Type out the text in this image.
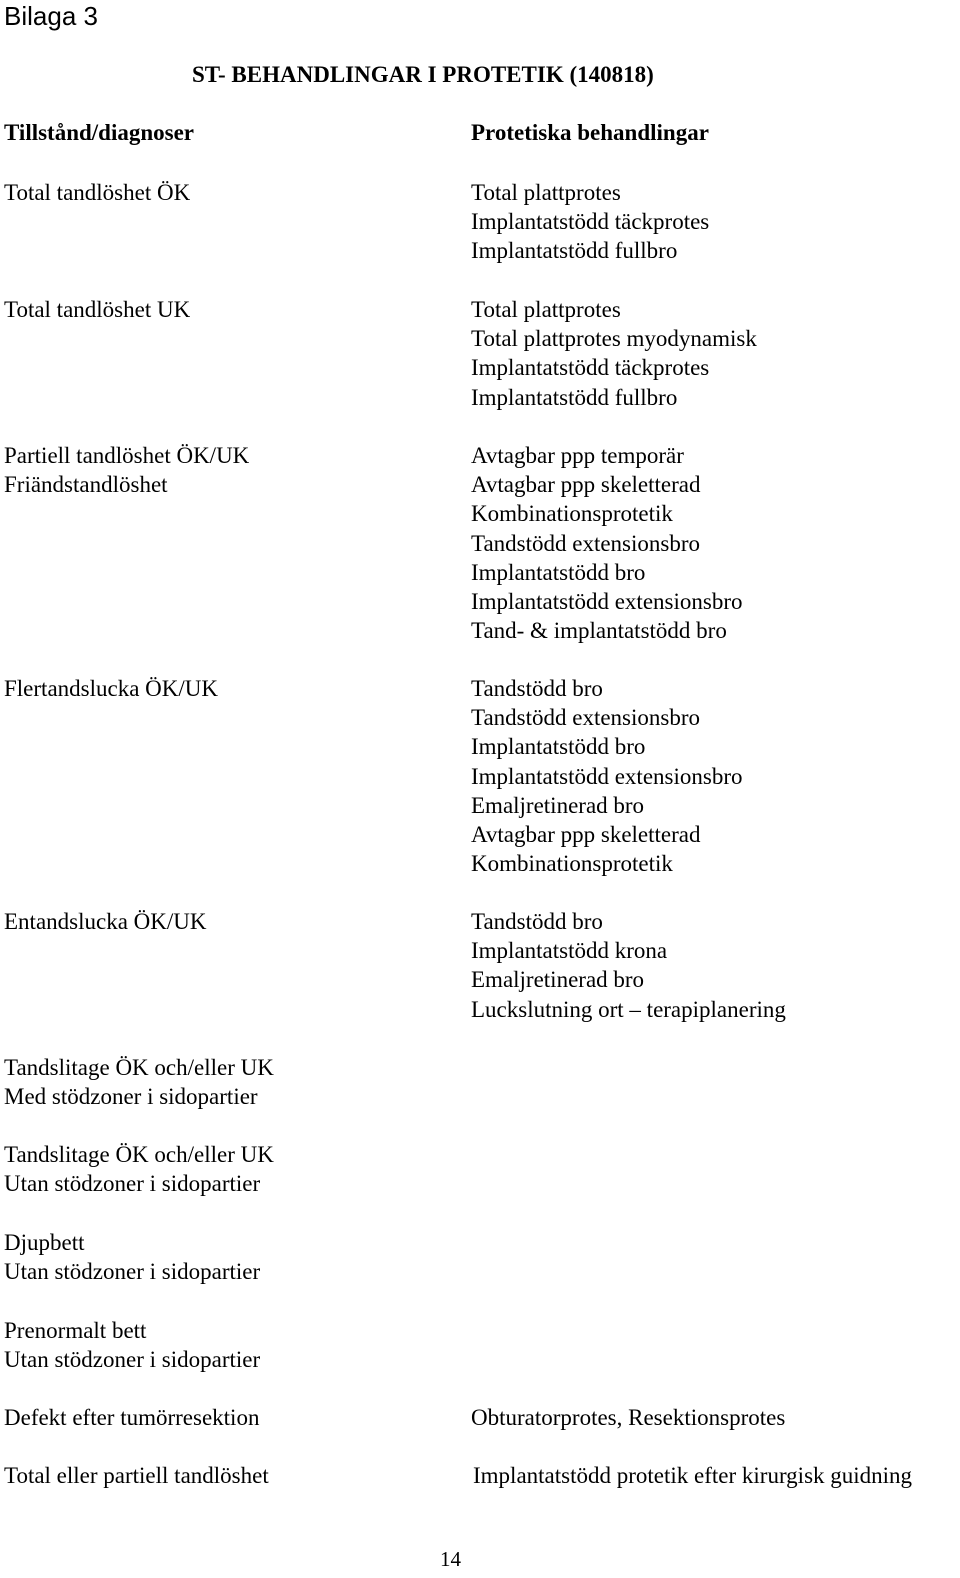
Bilaga 3
ST- BEHANDLINGAR I PROTETIK (140818)
Tillstånd/diagnoser	Protetiska behandlingar
Total tandlöshet ÖK
Total tandlöshet UK
Partiell tandlöshet ÖK/UK
Friändstandlöshet
Flertandslucka ÖK/UK
Entandslucka ÖK/UK
Tandslitage ÖK och/eller UK
Med stödzoner i sidopartier
Tandslitage ÖK och/eller UK
Utan stödzoner i sidopartier
Djupbett
Utan stödzoner i sidopartier
Prenormalt bett
Utan stödzoner i sidopartier
Defekt efter tumörresektion
Total eller partiell tandlöshet
Total plattprotes
Implantatstödd täckprotes
Implantatstödd fullbro
Total plattprotes
Total plattprotes myodynamisk
Implantatstödd täckprotes
Implantatstödd fullbro
Avtagbar ppp temporär
Avtagbar ppp skeletterad
Kombinationsprotetik
Tandstödd extensionsbro
Implantatstödd bro
Implantatstödd extensionsbro
Tand- & implantatstödd bro
Tandstödd bro
Tandstödd extensionsbro
Implantatstödd bro
Implantatstödd extensionsbro
Emaljretinerad bro
Avtagbar ppp skeletterad
Kombinationsprotetik
Tandstödd bro
Implantatstödd krona
Emaljretinerad bro
Luckslutning ort – terapiplanering
Obturatorprotes, Resektionsprotes
Implantatstödd protetik efter kirurgisk guidning
14
